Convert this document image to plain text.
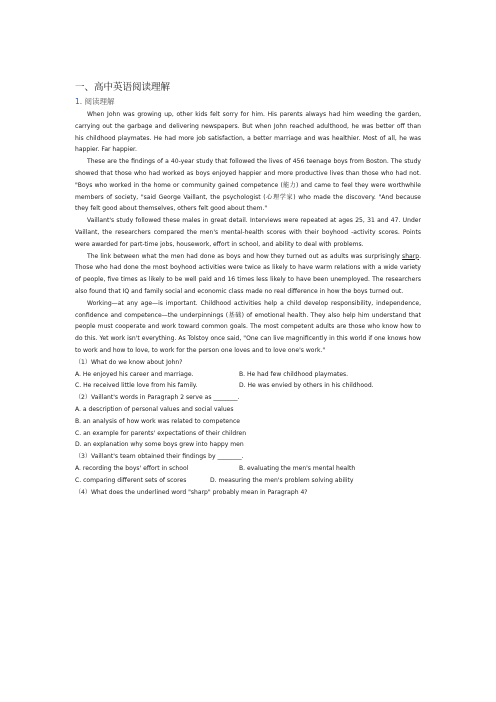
一、高中英语阅读理解
1. 阅读理解

When John was growing up, other kids felt sorry for him. His parents always had him weeding the garden, carrying out the garbage and delivering newspapers. But when John reached adulthood, he was better off than his childhood playmates. He had more job satisfaction, a better marriage and was healthier. Most of all, he was happier. Far happier.

These are the findings of a 40-year study that followed the lives of 456 teenage boys from Boston. The study showed that those who had worked as boys enjoyed happier and more productive lives than those who had not. "Boys who worked in the home or community gained competence (能力) and came to feel they were worthwhile members of society, "said George Vaillant, the psychologist (心理学家) who made the discovery. "And because they felt good about themselves, others felt good about them."

Vaillant's study followed these males in great detail. Interviews were repeated at ages 25, 31 and 47. Under Vaillant, the researchers compared the men's mental-health scores with their boyhood -activity scores. Points were awarded for part-time jobs, housework, effort in school, and ability to deal with problems.

The link between what the men had done as boys and how they turned out as adults was surprisingly sharp. Those who had done the most boyhood activities were twice as likely to have warm relations with a wide variety of people, five times as likely to be well paid and 16 times less likely to have been unemployed. The researchers also found that IQ and family social and economic class made no real difference in how the boys turned out.

Working—at any age—is important. Childhood activities help a child develop responsibility, independence, confidence and competence—the underpinnings (基础) of emotional health. They also help him understand that people must cooperate and work toward common goals. The most competent adults are those who know how to do this. Yet work isn't everything. As Tolstoy once said, "One can live magnificently in this world if one knows how to work and how to love, to work for the person one loves and to love one's work."

（1）What do we know about John?
A. He enjoyed his career and marriage.	B. He had few childhood playmates.
C. He received little love from his family.	D. He was envied by others in his childhood.
（2）Vaillant's words in Paragraph 2 serve as ________.
A. a description of personal values and social values
B. an analysis of how work was related to competence
C. an example for parents' expectations of their children
D. an explanation why some boys grew into happy men
（3）Vaillant's team obtained their findings by ________.
A. recording the boys' effort in school	B. evaluating the men's mental health
C. comparing different sets of scores	D. measuring the men's problem solving ability
（4）What does the underlined word "sharp" probably mean in Paragraph 4?
